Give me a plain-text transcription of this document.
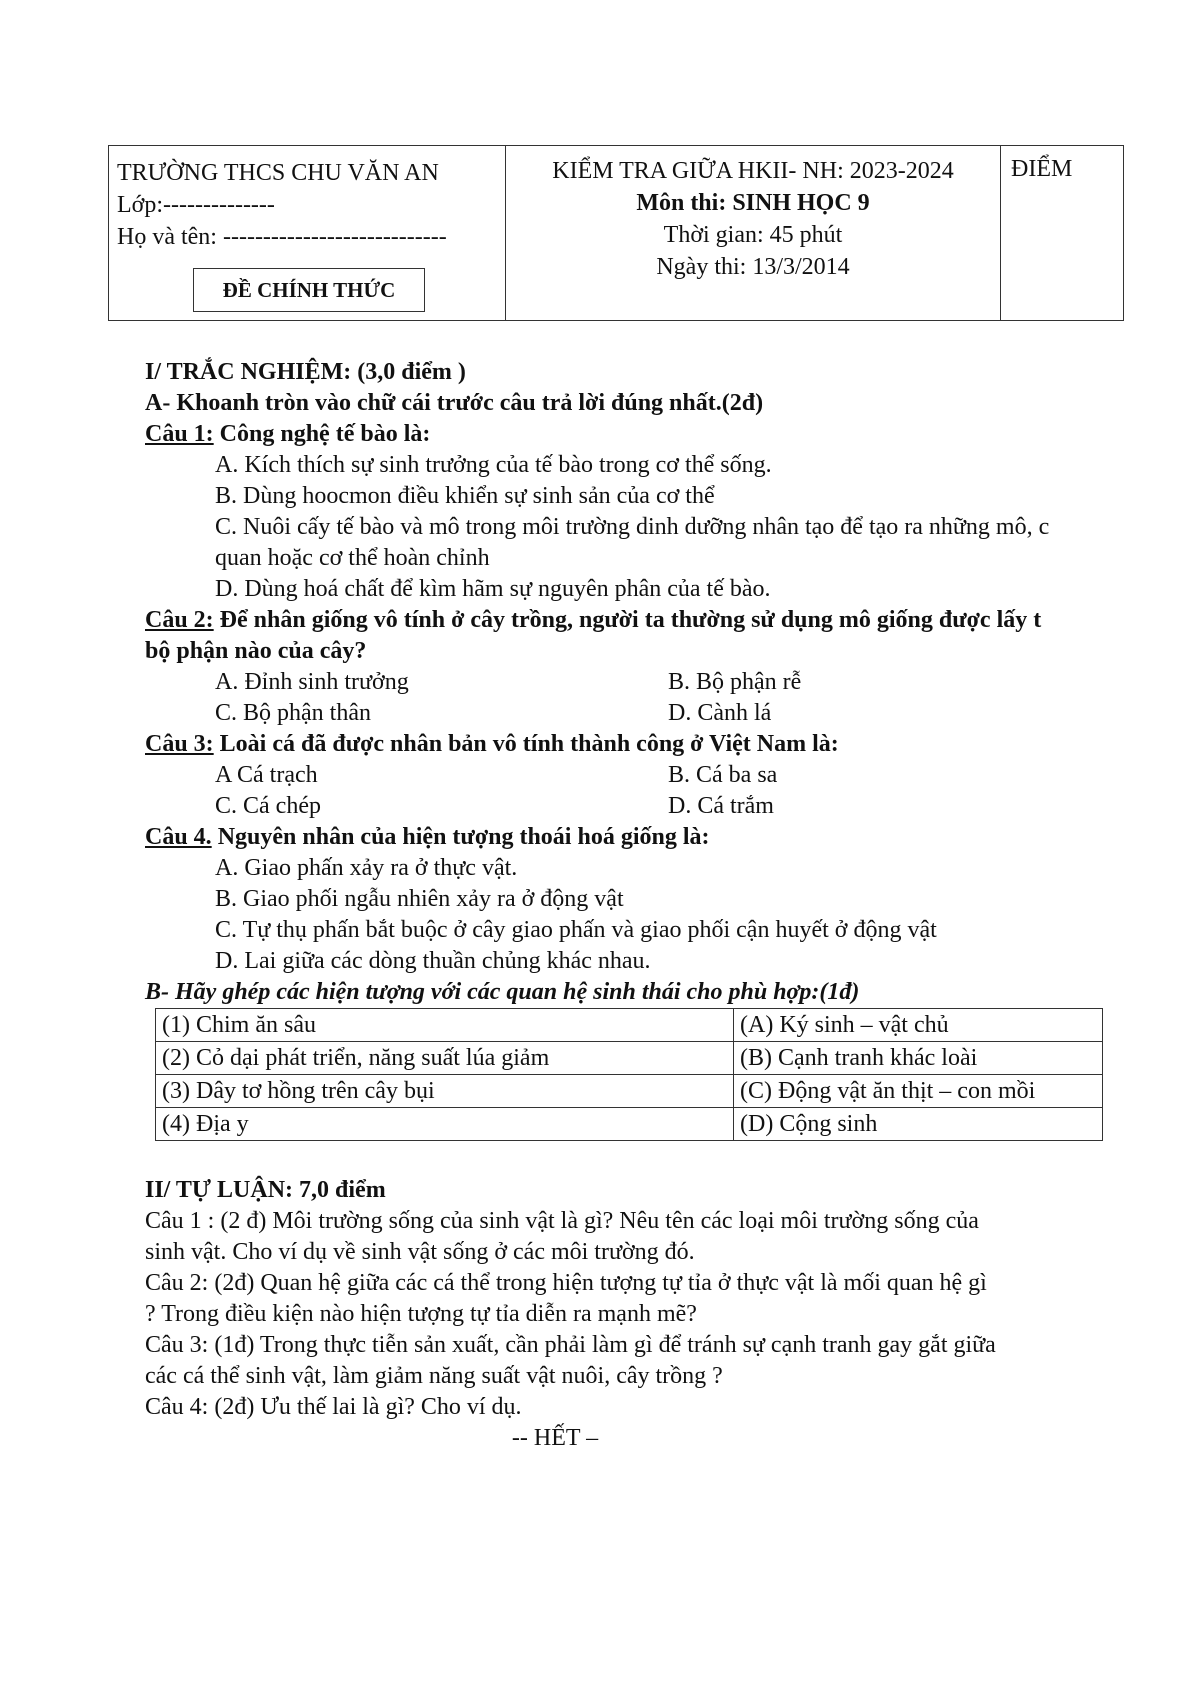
TRƯỜNG THCS CHU VĂN AN
Lớp:--------------
Họ và tên: ----------------------------
ĐỀ CHÍNH THỨC
KIỂM TRA GIỮA HKII- NH: 2023-2024
Môn thi: SINH HỌC 9
Thời gian: 45 phút
Ngày thi: 13/3/2014
ĐIỂM
I/ TRẮC NGHIỆM: (3,0 điểm )
A- Khoanh tròn vào chữ cái trước câu trả lời đúng nhất.(2đ)
Câu 1: Công nghệ tế bào là:
A. Kích thích sự sinh trưởng của tế bào trong cơ thể sống.
B. Dùng hoocmon điều khiển sự sinh sản của cơ thể
C. Nuôi cấy tế bào và mô trong môi trường dinh dưỡng nhân tạo để tạo ra những mô, c
quan hoặc cơ thể hoàn chỉnh
D. Dùng hoá chất để kìm hãm sự nguyên phân của tế bào.
Câu 2: Để nhân giống vô tính ở cây trồng, người ta thường sử dụng mô giống được lấy t
bộ phận nào của cây?
A. Đỉnh sinh trưởng	B. Bộ phận rễ
C. Bộ phận thân	D. Cành lá
Câu 3: Loài cá đã được nhân bản vô tính thành công ở Việt Nam là:
A Cá trạch	B. Cá ba sa
C. Cá chép	D. Cá trắm
Câu 4. Nguyên nhân của hiện tượng thoái hoá giống là:
A. Giao phấn xảy ra ở thực vật.
B. Giao phối ngẫu nhiên xảy ra ở động vật
C. Tự thụ phấn bắt buộc ở cây giao phấn và giao phối cận huyết ở động vật
D. Lai giữa các dòng thuần chủng khác nhau.
B- Hãy ghép các hiện tượng với các quan hệ sinh thái cho phù hợp:(1đ)
(1) Chim ăn sâu	(A) Ký sinh – vật chủ
(2) Cỏ dại phát triển, năng suất lúa giảm	(B) Cạnh tranh khác loài
(3) Dây tơ hồng trên cây bụi	(C) Động vật ăn thịt – con mồi
(4) Địa y	(D) Cộng sinh
II/ TỰ LUẬN: 7,0 điểm
Câu 1 : (2 đ) Môi trường sống của sinh vật là gì? Nêu tên các loại môi trường sống của
sinh vật. Cho ví dụ về sinh vật sống ở các môi trường đó.
Câu 2: (2đ) Quan hệ giữa các cá thể trong hiện tượng tự tỉa ở thực vật là mối quan hệ gì
? Trong điều kiện nào hiện tượng tự tỉa diễn ra mạnh mẽ?
Câu 3: (1đ) Trong thực tiễn sản xuất, cần phải làm gì để tránh sự cạnh tranh gay gắt giữa
các cá thể sinh vật, làm giảm năng suất vật nuôi, cây trồng ?
Câu 4: (2đ) Ưu thế lai là gì? Cho ví dụ.
-- HẾT –
